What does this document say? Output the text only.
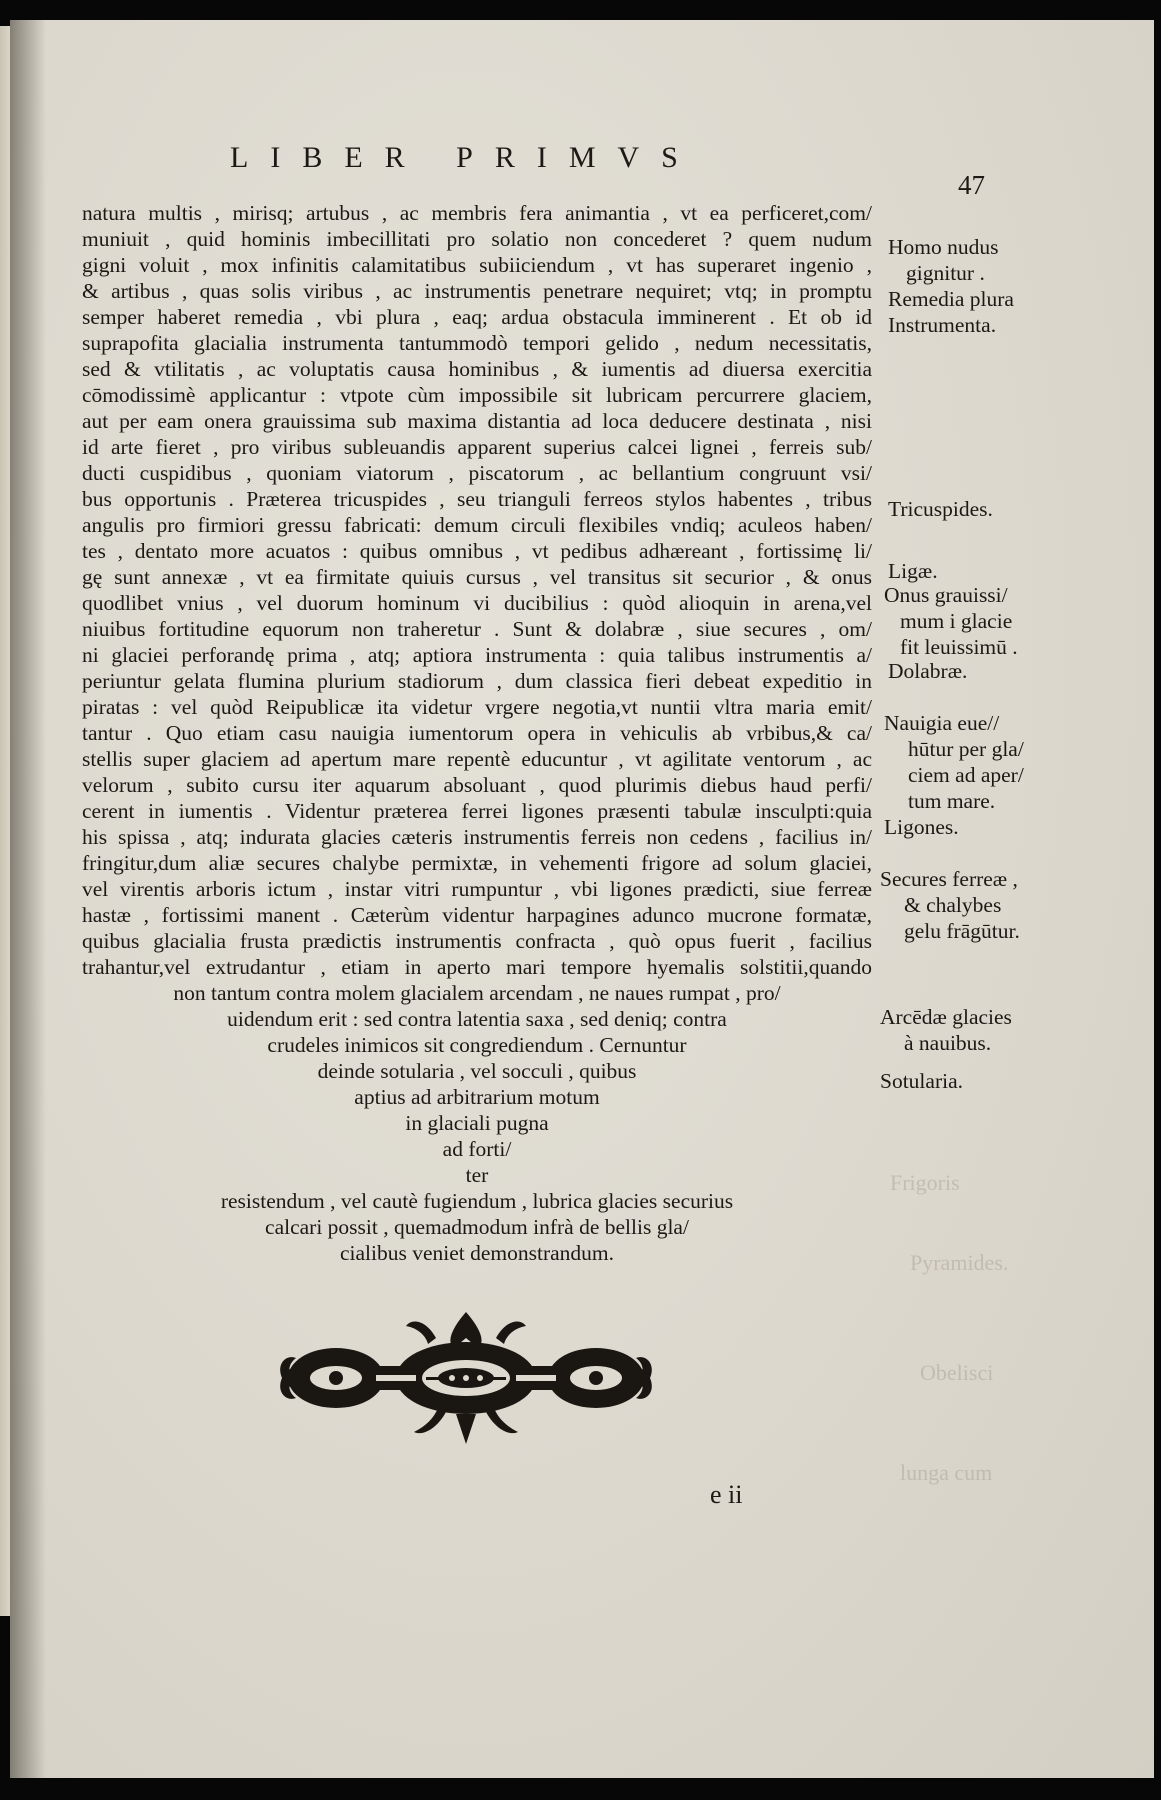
Frigoris
Pyramides.
Obelisci
lunga cum
LIBER PRIMVS
47
natura multis , mirisq; artubus , ac membris fera animantia , vt ea perficeret,com/
muniuit , quid hominis imbecillitati pro solatio non concederet ? quem nudum
gigni voluit , mox infinitis calamitatibus subiiciendum , vt has superaret ingenio ,
& artibus , quas solis viribus , ac instrumentis penetrare nequiret; vtq; in promptu
semper haberet remedia , vbi plura , eaq; ardua obstacula imminerent . Et ob id
suprapofita glacialia instrumenta tantummodò tempori gelido , nedum necessitatis,
sed & vtilitatis , ac voluptatis causa hominibus , & iumentis ad diuersa exercitia
cōmodissimè applicantur : vtpote cùm impossibile sit lubricam percurrere glaciem,
aut per eam onera grauissima sub maxima distantia ad loca deducere destinata , nisi
id arte fieret , pro viribus subleuandis apparent superius calcei lignei , ferreis sub/
ducti cuspidibus , quoniam viatorum , piscatorum , ac bellantium congruunt vsi/
bus opportunis . Præterea tricuspides , seu trianguli ferreos stylos habentes , tribus
angulis pro firmiori gressu fabricati: demum circuli flexibiles vndiq; aculeos haben/
tes , dentato more acuatos : quibus omnibus , vt pedibus adhæreant , fortissimę li/
gę sunt annexæ , vt ea firmitate quiuis cursus , vel transitus sit securior , & onus
quodlibet vnius , vel duorum hominum vi ducibilius : quòd alioquin in arena,vel
niuibus fortitudine equorum non traheretur . Sunt & dolabræ , siue secures , om/
ni glaciei perforandę prima , atq; aptiora instrumenta : quia talibus instrumentis a/
periuntur gelata flumina plurium stadiorum , dum classica fieri debeat expeditio in
piratas : vel quòd Reipublicæ ita videtur vrgere negotia,vt nuntii vltra maria emit/
tantur . Quo etiam casu nauigia iumentorum opera in vehiculis ab vrbibus,& ca/
stellis super glaciem ad apertum mare repentè educuntur , vt agilitate ventorum , ac
velorum , subito cursu iter aquarum absoluant , quod plurimis diebus haud perfi/
cerent in iumentis . Videntur præterea ferrei ligones præsenti tabulæ insculpti:quia
his spissa , atq; indurata glacies cæteris instrumentis ferreis non cedens , facilius in/
fringitur,dum aliæ secures chalybe permixtæ, in vehementi frigore ad solum glaciei,
vel virentis arboris ictum , instar vitri rumpuntur , vbi ligones prædicti, siue ferreæ
hastæ , fortissimi manent . Cæterùm videntur harpagines adunco mucrone formatæ,
quibus glacialia frusta prædictis instrumentis confracta , quò opus fuerit , facilius
trahantur,vel extrudantur , etiam in aperto mari tempore hyemalis solstitii,quando
non tantum contra molem glacialem arcendam , ne naues rumpat , pro/
uidendum erit : sed contra latentia saxa , sed deniq; contra
crudeles inimicos sit congrediendum . Cernuntur
deinde sotularia , vel socculi , quibus
aptius ad arbitrarium motum
in glaciali pugna
ad forti/
ter
resistendum , vel cautè fugiendum , lubrica glacies securius
calcari possit , quemadmodum infrà de bellis gla/
cialibus veniet demonstrandum.
Homo nudus
gignitur .
Remedia plura
Instrumenta.
Tricuspides.
Ligæ.
Onus grauissi/
mum i glacie
fit leuissimū .
Dolabræ.
Nauigia eue//
hūtur per gla/
ciem ad aper/
tum mare.
Ligones.
Secures ferreæ ,
& chalybes
gelu frāgūtur.
Arcēdæ glacies
à nauibus.
Sotularia.
e ii
